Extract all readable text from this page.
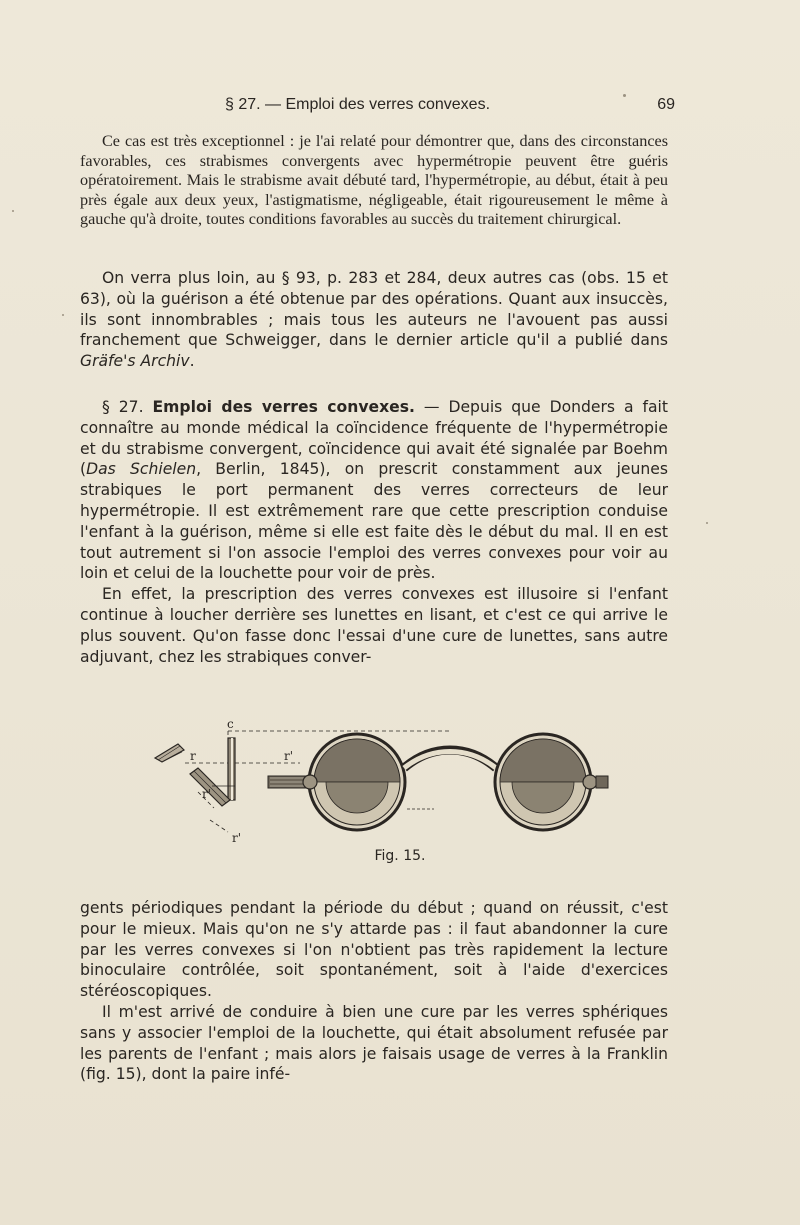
§ 27. — Emploi des verres convexes.	69

Ce cas est très exceptionnel : je l'ai relaté pour démontrer que, dans des circonstances favorables, ces strabismes convergents avec hypermétropie peuvent être guéris opératoirement. Mais le strabisme avait débuté tard, l'hypermétropie, au début, était à peu près égale aux deux yeux, l'astigmatisme, négligeable, était rigoureusement le même à gauche qu'à droite, toutes conditions favorables au succès du traitement chirurgical.

On verra plus loin, au § 93, p. 283 et 284, deux autres cas (obs. 15 et 63), où la guérison a été obtenue par des opérations. Quant aux insuccès, ils sont innombrables ; mais tous les auteurs ne l'avouent pas aussi franchement que Schweigger, dans le dernier article qu'il a publié dans Gräfe's Archiv.

§ 27. Emploi des verres convexes. — Depuis que Donders a fait connaître au monde médical la coïncidence fréquente de l'hypermétropie et du strabisme convergent, coïncidence qui avait été signalée par Boehm (Das Schielen, Berlin, 1845), on prescrit constamment aux jeunes strabiques le port permanent des verres correcteurs de leur hypermétropie. Il est extrêmement rare que cette prescription conduise l'enfant à la guérison, même si elle est faite dès le début du mal. Il en est tout autrement si l'on associe l'emploi des verres convexes pour voir au loin et celui de la louchette pour voir de près.

En effet, la prescription des verres convexes est illusoire si l'enfant continue à loucher derrière ses lunettes en lisant, et c'est ce qui arrive le plus souvent. Qu'on fasse donc l'essai d'une cure de lunettes, sans autre adjuvant, chez les strabiques conver-

c
r	r'
r'
r'
Fig. 15.

gents périodiques pendant la période du début ; quand on réussit, c'est pour le mieux. Mais qu'on ne s'y attarde pas : il faut abandonner la cure par les verres convexes si l'on n'obtient pas très rapidement la lecture binoculaire contrôlée, soit spontanément, soit à l'aide d'exercices stéréoscopiques.

Il m'est arrivé de conduire à bien une cure par les verres sphériques sans y associer l'emploi de la louchette, qui était absolument refusée par les parents de l'enfant ; mais alors je faisais usage de verres à la Franklin (fig. 15), dont la paire infé-
